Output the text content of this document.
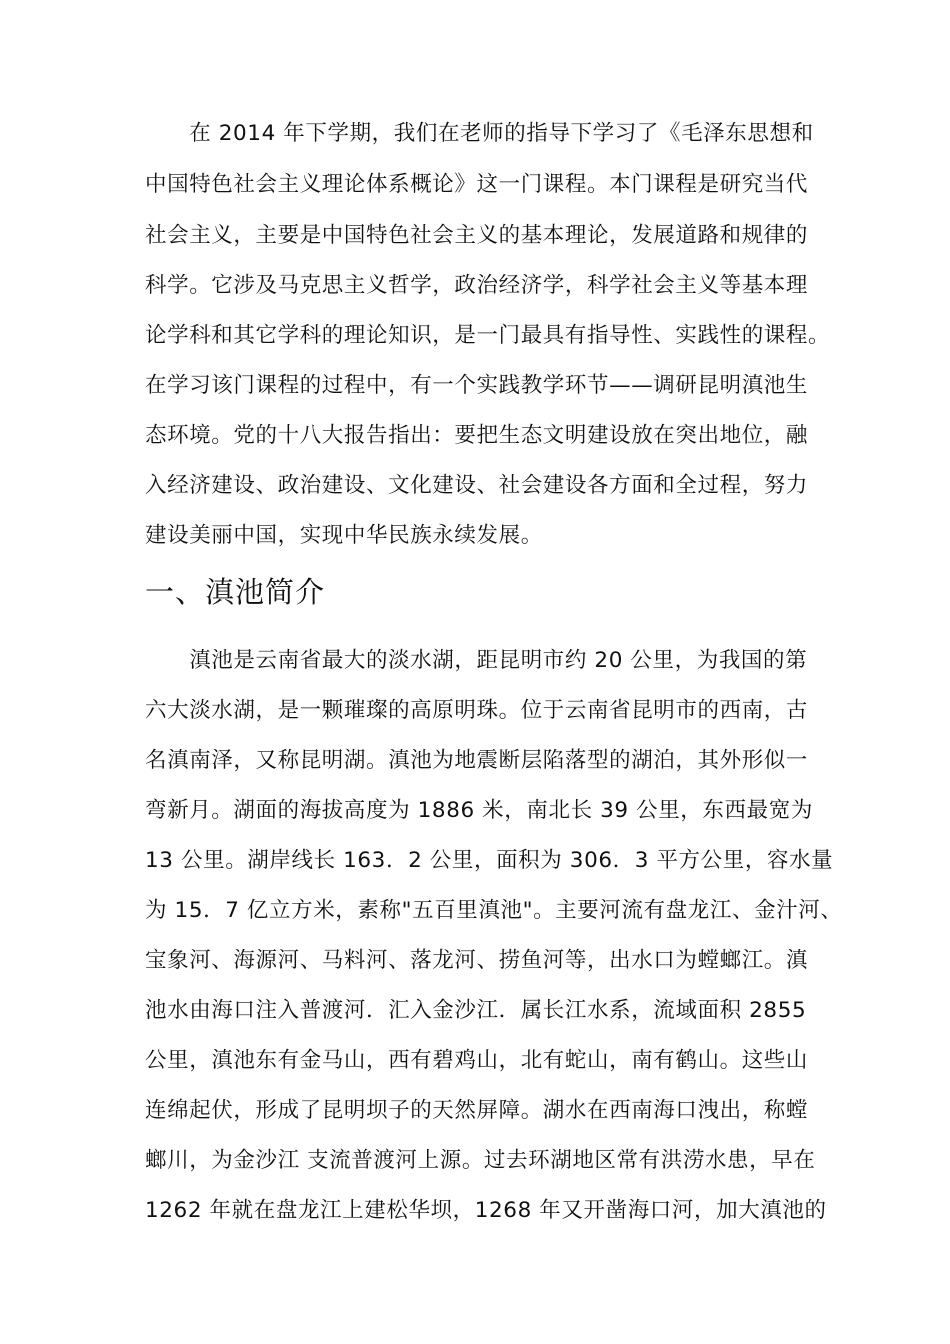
　　在 2014 年下学期，我们在老师的指导下学习了《毛泽东思想和
中国特色社会主义理论体系概论》这一门课程。本门课程是研究当代
社会主义，主要是中国特色社会主义的基本理论，发展道路和规律的
科学。它涉及马克思主义哲学，政治经济学，科学社会主义等基本理
论学科和其它学科的理论知识，是一门最具有指导性、实践性的课程。
在学习该门课程的过程中，有一个实践教学环节——调研昆明滇池生
态环境。党的十八大报告指出：要把生态文明建设放在突出地位，融
入经济建设、政治建设、文化建设、社会建设各方面和全过程，努力
建设美丽中国，实现中华民族永续发展。
一、滇池简介
　　滇池是云南省最大的淡水湖，距昆明市约 20 公里，为我国的第
六大淡水湖，是一颗璀璨的高原明珠。位于云南省昆明市的西南，古
名滇南泽，又称昆明湖。滇池为地震断层陷落型的湖泊，其外形似一
弯新月。湖面的海拔高度为 1886 米，南北长 39 公里，东西最宽为
13 公里。湖岸线长 163．2 公里，面积为 306．3 平方公里，容水量
为 15．7 亿立方米，素称"五百里滇池"。主要河流有盘龙江、金汁河、
宝象河、海源河、马料河、落龙河、捞鱼河等，出水口为螳螂江。滇
池水由海口注入普渡河．汇入金沙江．属长江水系，流域面积 2855
公里，滇池东有金马山，西有碧鸡山，北有蛇山，南有鹤山。这些山
连绵起伏，形成了昆明坝子的天然屏障。湖水在西南海口洩出，称螳
螂川，为金沙江 支流普渡河上源。过去环湖地区常有洪涝水患，早在
1262 年就在盘龙江上建松华坝，1268 年又开凿海口河，加大滇池的
